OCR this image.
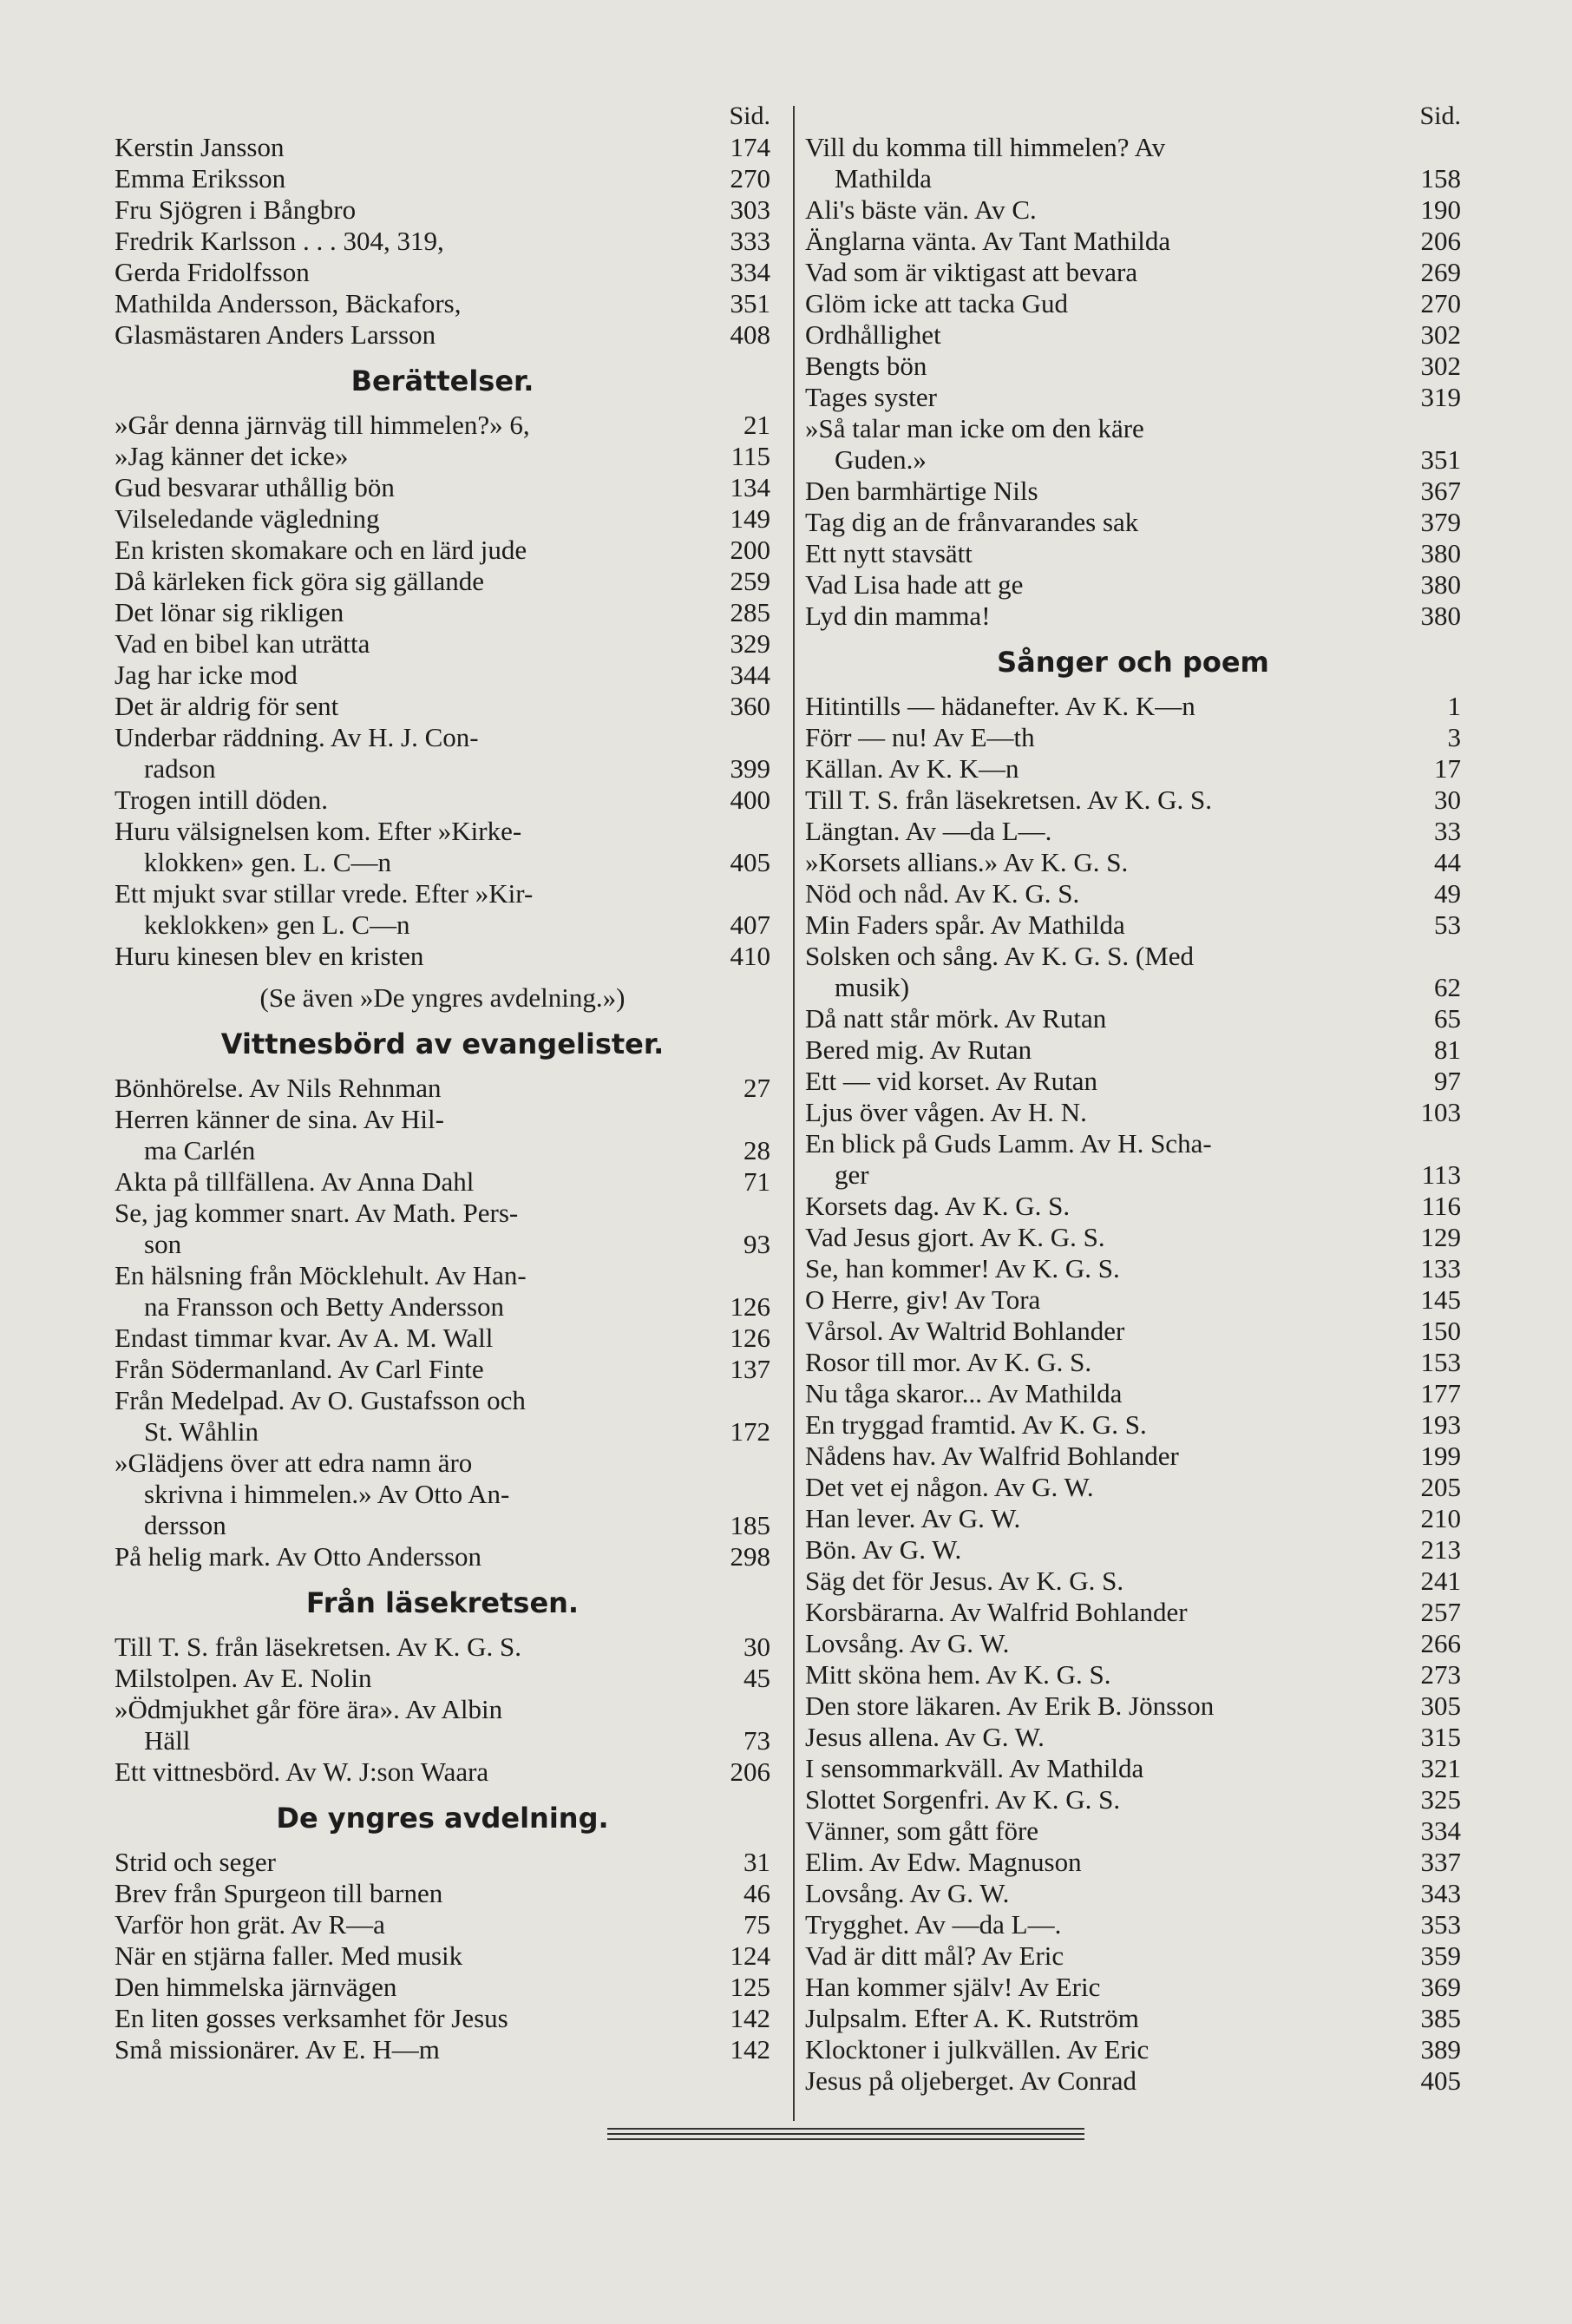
Sid.
Kerstin Jansson	174
Emma Eriksson	270
Fru Sjögren i Bångbro	303
Fredrik Karlsson . . . 304, 319,	333
Gerda Fridolfsson	334
Mathilda Andersson, Bäckafors,	351
Glasmästaren Anders Larsson	408
Berättelser.
»Går denna järnväg till himmelen?» 6,	21
»Jag känner det icke»	115
Gud besvarar uthållig bön	134
Vilseledande vägledning	149
En kristen skomakare och en lärd jude	200
Då kärleken fick göra sig gällande	259
Det lönar sig rikligen	285
Vad en bibel kan uträtta	329
Jag har icke mod	344
Det är aldrig för sent	360
Underbar räddning. Av H. J. Con-
radson	399
Trogen intill döden.	400
Huru välsignelsen kom. Efter »Kirke-
klokken» gen. L. C—n	405
Ett mjukt svar stillar vrede. Efter »Kir-
keklokken» gen L. C—n	407
Huru kinesen blev en kristen	410
(Se även »De yngres avdelning.»)
Vittnesbörd av evangelister.
Bönhörelse. Av Nils Rehnman	27
Herren känner de sina. Av Hil-
ma Carlén	28
Akta på tillfällena. Av Anna Dahl	71
Se, jag kommer snart. Av Math. Pers-
son	93
En hälsning från Möcklehult. Av Han-
na Fransson och Betty Andersson	126
Endast timmar kvar. Av A. M. Wall	126
Från Södermanland. Av Carl Finte	137
Från Medelpad. Av O. Gustafsson och
St. Wåhlin	172
»Glädjens över att edra namn äro
skrivna i himmelen.» Av Otto An-
dersson	185
På helig mark. Av Otto Andersson	298
Från läsekretsen.
Till T. S. från läsekretsen. Av K. G. S.	30
Milstolpen. Av E. Nolin	45
»Ödmjukhet går före ära». Av Albin
Häll	73
Ett vittnesbörd. Av W. J:son Waara	206
De yngres avdelning.
Strid och seger	31
Brev från Spurgeon till barnen	46
Varför hon grät. Av R—a	75
När en stjärna faller. Med musik	124
Den himmelska järnvägen	125
En liten gosses verksamhet för Jesus	142
Små missionärer. Av E. H—m	142
Sid.
Vill du komma till himmelen? Av
Mathilda	158
Ali's bäste vän. Av C.	190
Änglarna vänta. Av Tant Mathilda	206
Vad som är viktigast att bevara	269
Glöm icke att tacka Gud	270
Ordhållighet	302
Bengts bön	302
Tages syster	319
»Så talar man icke om den käre
Guden.»	351
Den barmhärtige Nils	367
Tag dig an de frånvarandes sak	379
Ett nytt stavsätt	380
Vad Lisa hade att ge	380
Lyd din mamma!	380
Sånger och poem
Hitintills — hädanefter. Av K. K—n	1
Förr — nu! Av E—th	3
Källan. Av K. K—n	17
Till T. S. från läsekretsen. Av K. G. S.	30
Längtan. Av —da L—.	33
»Korsets allians.» Av K. G. S.	44
Nöd och nåd. Av K. G. S.	49
Min Faders spår. Av Mathilda	53
Solsken och sång. Av K. G. S. (Med
musik)	62
Då natt står mörk. Av Rutan	65
Bered mig. Av Rutan	81
Ett — vid korset. Av Rutan	97
Ljus över vågen. Av H. N.	103
En blick på Guds Lamm. Av H. Scha-
ger	113
Korsets dag. Av K. G. S.	116
Vad Jesus gjort. Av K. G. S.	129
Se, han kommer! Av K. G. S.	133
O Herre, giv! Av Tora	145
Vårsol. Av Waltrid Bohlander	150
Rosor till mor. Av K. G. S.	153
Nu tåga skaror... Av Mathilda	177
En tryggad framtid. Av K. G. S.	193
Nådens hav. Av Walfrid Bohlander	199
Det vet ej någon. Av G. W.	205
Han lever. Av G. W.	210
Bön. Av G. W.	213
Säg det för Jesus. Av K. G. S.	241
Korsbärarna. Av Walfrid Bohlander	257
Lovsång. Av G. W.	266
Mitt sköna hem. Av K. G. S.	273
Den store läkaren. Av Erik B. Jönsson	305
Jesus allena. Av G. W.	315
I sensommarkväll. Av Mathilda	321
Slottet Sorgenfri. Av K. G. S.	325
Vänner, som gått före	334
Elim. Av Edw. Magnuson	337
Lovsång. Av G. W.	343
Trygghet. Av —da L—.	353
Vad är ditt mål? Av Eric	359
Han kommer själv! Av Eric	369
Julpsalm. Efter A. K. Rutström	385
Klocktoner i julkvällen. Av Eric	389
Jesus på oljeberget. Av Conrad	405
